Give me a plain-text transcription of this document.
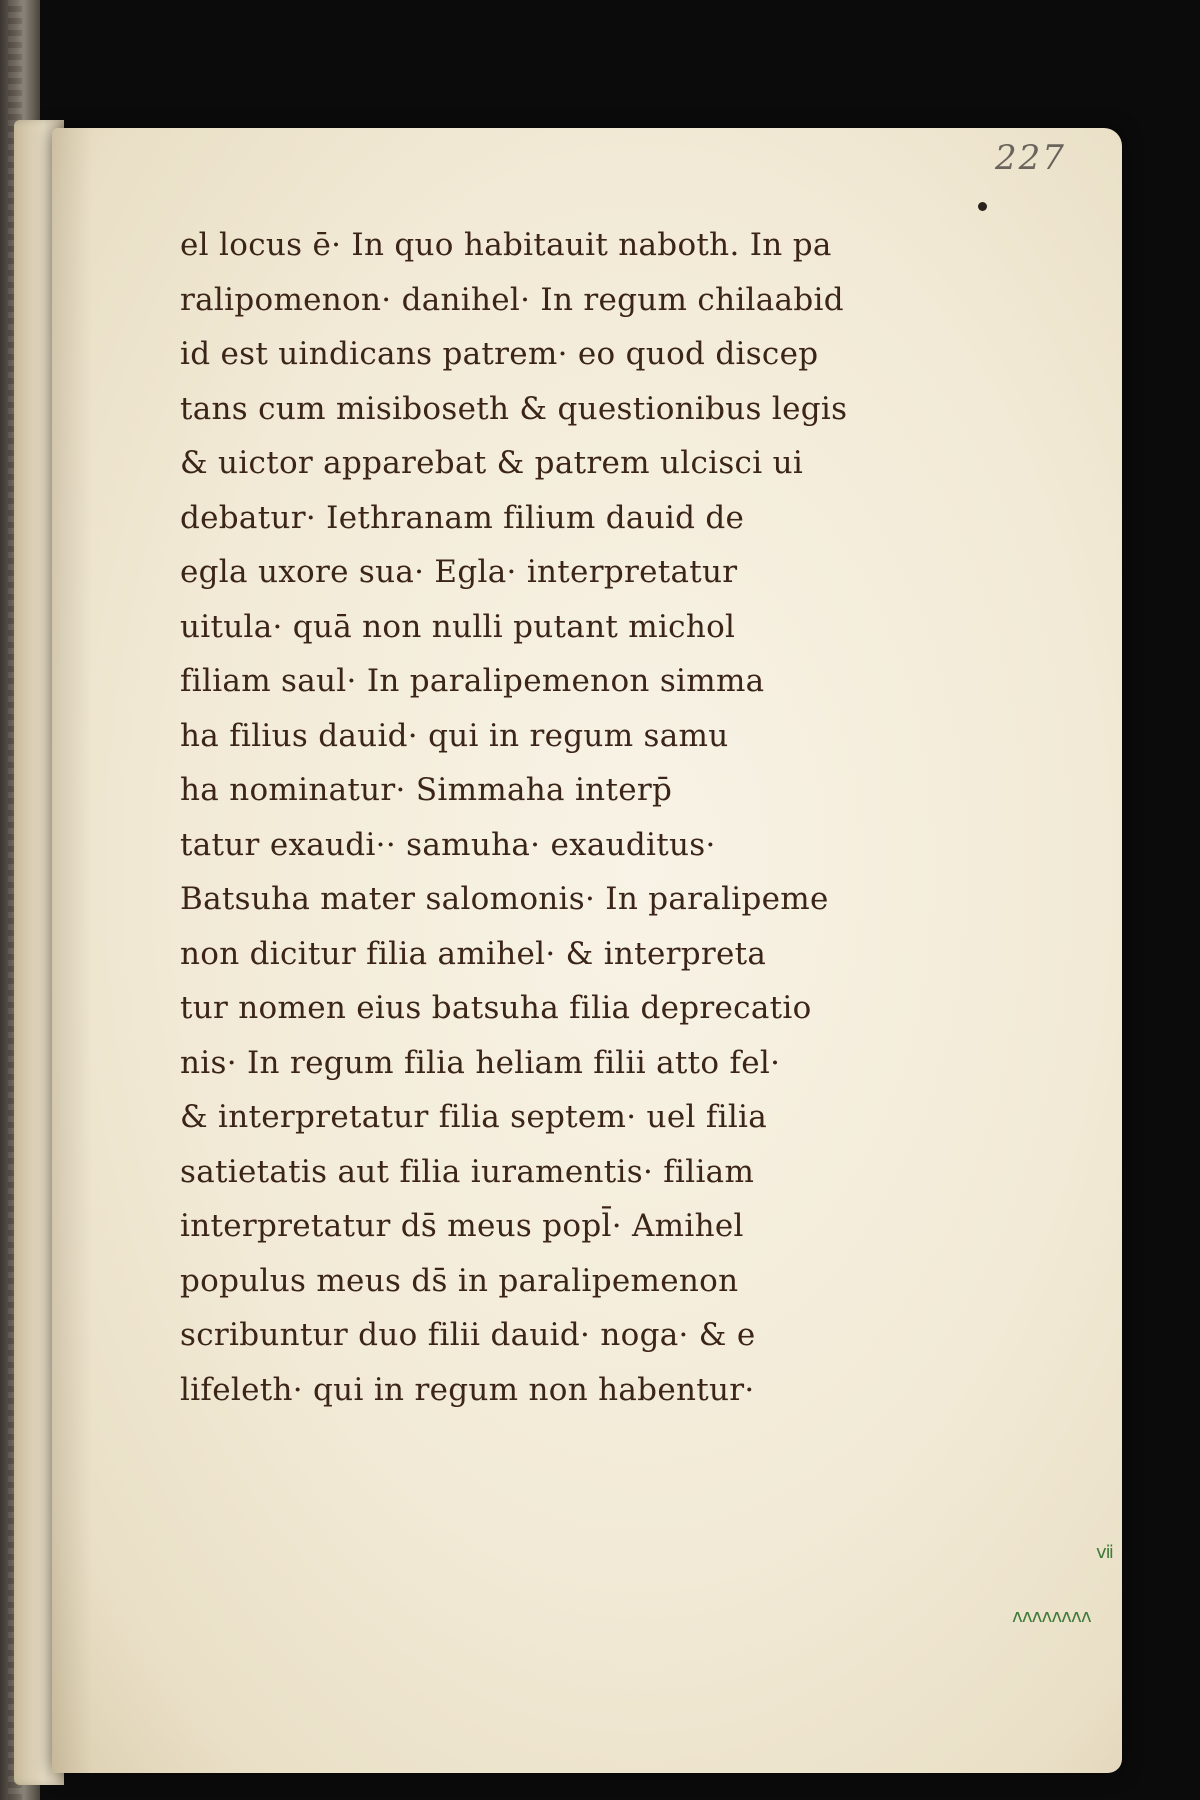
227
el locus ē· In quo habitauit naboth. In pa
ralipomenon· danihel· In regum chilaabid
id est uindicans patrem· eo quod discep
tans cum misiboseth & questionibus legis
& uictor apparebat & patrem ulcisci ui
debatur· Iethranam filium dauid de
egla uxore sua· Egla· interpretatur
uitula· quā non nulli putant michol
filiam saul· In paralipemenon simma
ha filius dauid· qui in regum samu
ha nominatur· Simmaha interp̄
tatur exaudi·· samuha· exauditus·
Batsuha mater salomonis· In paralipeme
non dicitur filia amihel· & interpreta
tur nomen eius batsuha filia deprecatio
nis· In regum filia heliam filii atto fel·
& interpretatur filia septem· uel filia
satietatis aut filia iuramentis· filiam
interpretatur ds̄ meus popl̄· Amihel
populus meus ds̄ in paralipemenon
scribuntur duo filii dauid· noga· & e
lifeleth· qui in regum non habentur·
ⅶ
ʌʌʌʌʌʌʌʌ
